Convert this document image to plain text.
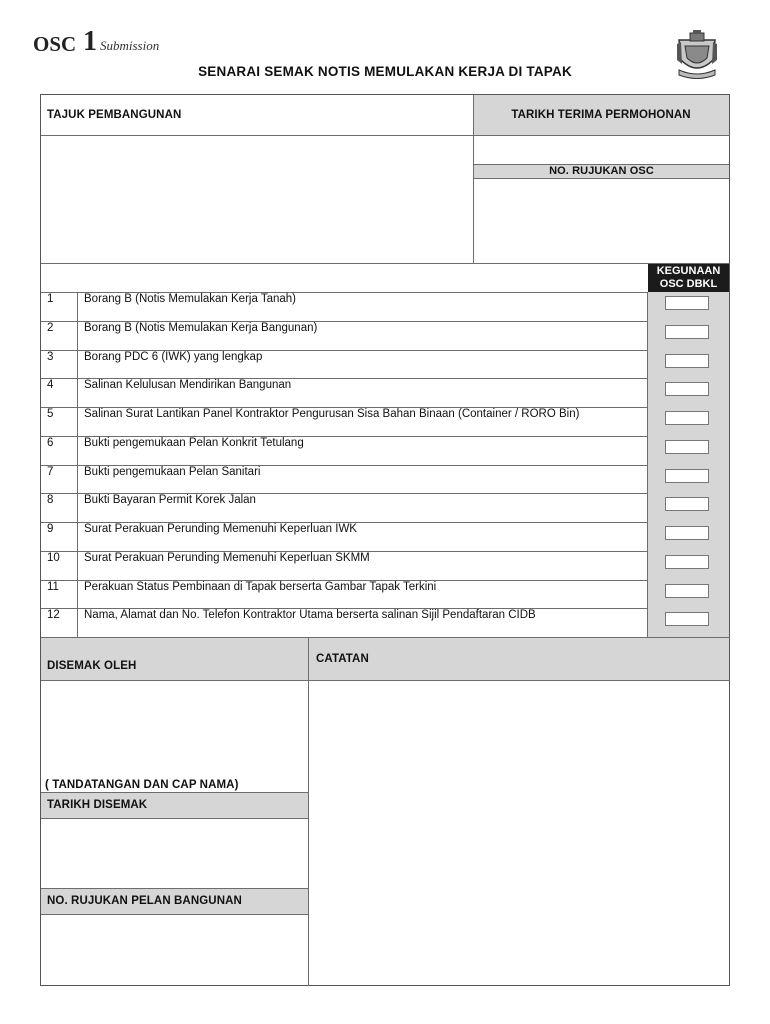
OSC 1 Submission
SENARAI SEMAK NOTIS MEMULAKAN KERJA DI TAPAK
TAJUK PEMBANGUNAN	TARIKH TERIMA PERMOHONAN
NO. RUJUKAN OSC
KEGUNAAN
OSC DBKL
1	Borang B (Notis Memulakan Kerja Tanah)
2	Borang B (Notis Memulakan Kerja Bangunan)
3	Borang PDC 6 (IWK) yang lengkap
4	Salinan Kelulusan Mendirikan Bangunan
5	Salinan Surat Lantikan Panel Kontraktor Pengurusan Sisa Bahan Binaan (Container / RORO Bin)
6	Bukti pengemukaan Pelan Konkrit Tetulang
7	Bukti pengemukaan Pelan Sanitari
8	Bukti Bayaran Permit Korek Jalan
9	Surat Perakuan Perunding Memenuhi Keperluan IWK
10 Surat Perakuan Perunding Memenuhi Keperluan SKMM
11 Perakuan Status Pembinaan di Tapak berserta Gambar Tapak Terkini
12 Nama, Alamat dan No. Telefon Kontraktor Utama berserta salinan Sijil Pendaftaran CIDB
DISEMAK OLEH
CATATAN
( TANDATANGAN DAN CAP NAMA)
TARIKH DISEMAK
NO. RUJUKAN PELAN BANGUNAN
